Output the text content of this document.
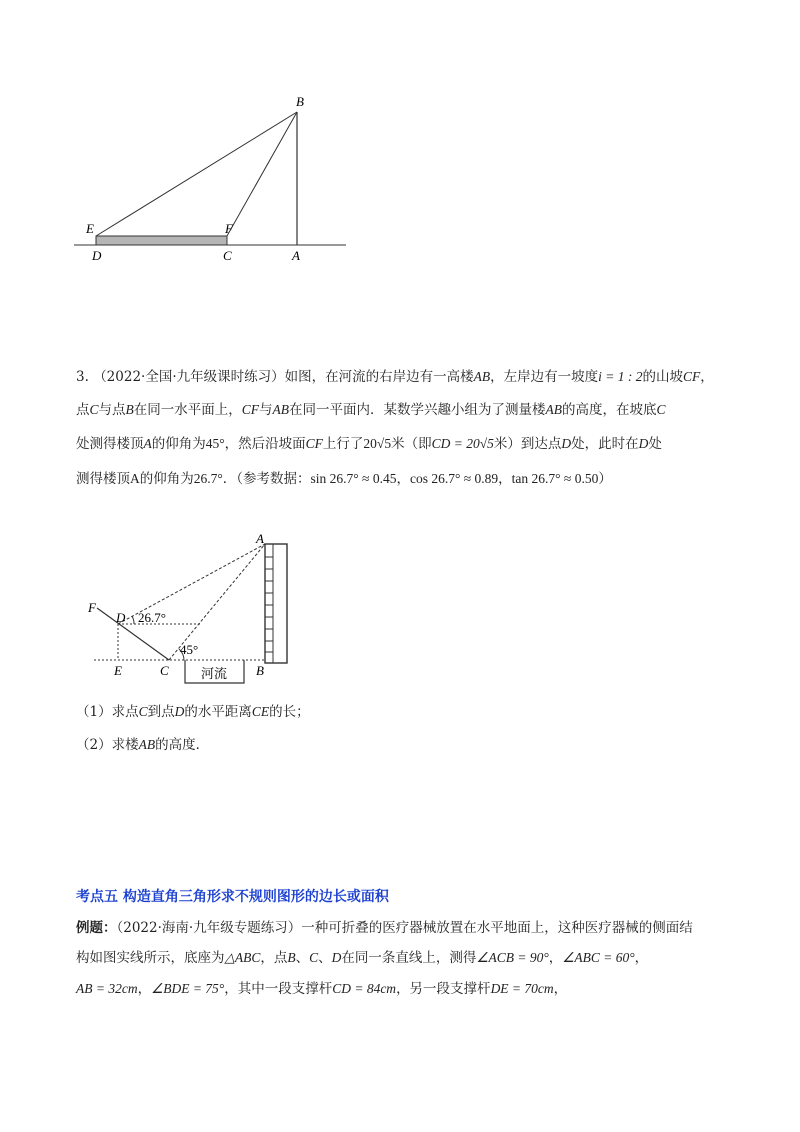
B
E	F
D	C	A
3. （2022·全国·九年级课时练习）如图，在河流的右岸边有一高楼AB，左岸边有一坡度i = 1 : 2的山坡CF，
点C与点B在同一水平面上，CF与AB在同一平面内．某数学兴趣小组为了测量楼AB的高度，在坡底C
处测得楼顶A的仰角为45°，然后沿坡面CF上行了20√5米（即CD = 20√5米）到达点D处，此时在D处
测得楼顶A的仰角为26.7°．（参考数据：sin 26.7° ≈ 0.45，cos 26.7° ≈ 0.89，tan 26.7° ≈ 0.50）
河流
26.7°
45°
A
F
D
E	C	B
（1）求点C到点D的水平距离CE的长；
（2）求楼AB的高度．
考点五 构造直角三角形求不规则图形的边长或面积
例题：（2022·海南·九年级专题练习）一种可折叠的医疗器械放置在水平地面上，这种医疗器械的侧面结
构如图实线所示，底座为△ABC，点B、C、D在同一条直线上，测得∠ACB = 90°，∠ABC = 60°，
AB = 32cm，∠BDE = 75°，其中一段支撑杆CD = 84cm，另一段支撑杆DE = 70cm，
